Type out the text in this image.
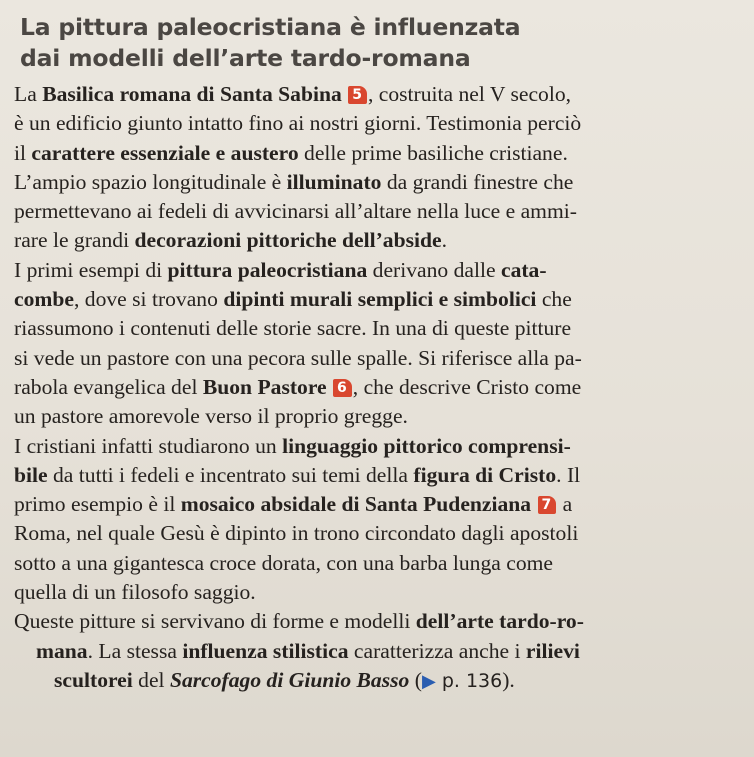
La pittura paleocristiana è influenzata
dai modelli dell’arte tardo-romana

La Basilica romana di Santa Sabina 5 , costruita nel V secolo,
è un edificio giunto intatto fino ai nostri giorni. Testimonia perciò
il carattere essenziale e austero delle prime basiliche cristiane.
L’ampio spazio longitudinale è illuminato da grandi finestre che
permettevano ai fedeli di avvicinarsi all’altare nella luce e ammi-
rare le grandi decorazioni pittoriche dell’abside.

I primi esempi di pittura paleocristiana derivano dalle cata-
combe, dove si trovano dipinti murali semplici e simbolici che
riassumono i contenuti delle storie sacre. In una di queste pitture
si vede un pastore con una pecora sulle spalle. Si riferisce alla pa-
rabola evangelica del Buon Pastore 6 , che descrive Cristo come
un pastore amorevole verso il proprio gregge.

I cristiani infatti studiarono un linguaggio pittorico comprensi-
bile da tutti i fedeli e incentrato sui temi della figura di Cristo. Il
primo esempio è il mosaico absidale di Santa Pudenziana 7 a
Roma, nel quale Gesù è dipinto in trono circondato dagli apostoli
sotto a una gigantesca croce dorata, con una barba lunga come
quella di un filosofo saggio.

Queste pitture si servivano di forme e modelli dell’arte tardo-ro-
mana. La stessa influenza stilistica caratterizza anche i rilievi
scultorei del Sarcofago di Giunio Basso (▶ p. 136).
